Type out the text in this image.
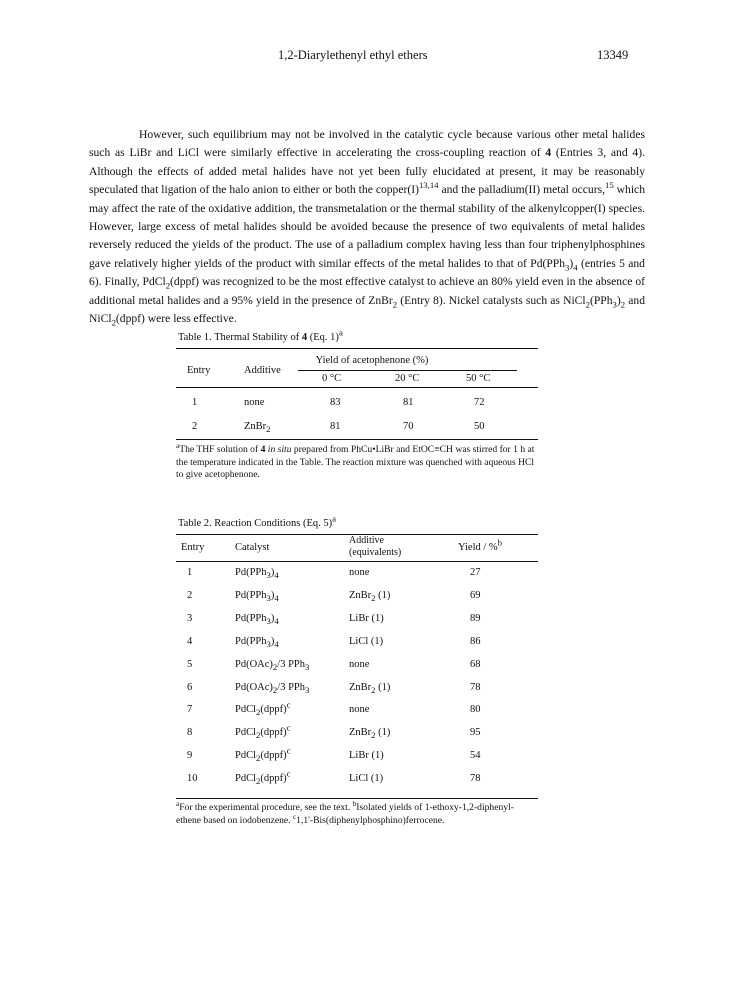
1,2-Diarylethenyl ethyl ethers	13349

However, such equilibrium may not be involved in the catalytic cycle because various other metal halides such as LiBr and LiCl were similarly effective in accelerating the cross-coupling reaction of 4 (Entries 3, and 4). Although the effects of added metal halides have not yet been fully elucidated at present, it may be reasonably speculated that ligation of the halo anion to either or both the $copper(I)^{13,14}$ and the palladium(II) metal occurs,$^{15}$ which may affect the rate of the oxidative addition, the transmetalation or the thermal stability of the alkenylcopper(I) species. However, large excess of metal halides should be avoided because the presence of two equivalents of metal halides reversely reduced the yields of the product. The use of a palladium complex having less than four triphenylphosphines gave relatively higher yields of the product with similar effects of the metal halides to that of $Pd(PPh_3)_4$ (entries 5 and 6). Finally, PdCl$_2$(dppf) was recognized to be the most effective catalyst to achieve an 80% yield even in the absence of additional metal halides and a 95% yield in the presence of ZnBr$_2$ (Entry 8). Nickel catalysts such as $NiCl_2(PPh_3)_2$ and NiCl$_2$(dppf) were less effective.

Table 1. Thermal Stability of 4 (Eq. 1)$^a$
Yield of acetophenone (%)
Entry	Additive
0 °C	20 °C	50 °C
1	none	83	81	72
2	ZnBr$_2$	81	70	50

$^a$The THF solution of 4 in situ prepared from PhCu•LiBr and EtOC≡CH was stirred for 1 h at the temperature indicated in the Table. The reaction mixture was quenched with aqueous HCl to give acetophenone.

Table 2. Reaction Conditions (Eq. 5)$^a$
Entry	Catalyst
Additive
(equivalents)	Yield / %$^b$
1	$Pd(PPh_3)_4$	none	27
2	$Pd(PPh_3)_4$	ZnBr$_2$ (1)	69
3	$Pd(PPh_3)_4$	LiBr (1)	89
4	$Pd(PPh_3)_4$	LiCl (1)	86
5	$Pd(OAc)_2/3$ PPh$_3$	none	68
6	$Pd(OAc)_2/3$ PPh$_3$	ZnBr$_2$ (1)	78
7	PdCl$_2$(dppf)$^c$	none	80
8	PdCl$_2$(dppf)$^c$	ZnBr$_2$ (1)	95
9	PdCl$_2$(dppf)$^c$	LiBr (1)	54
10	PdCl$_2$(dppf)$^c$	LiCl (1)	78

$^a$For the experimental procedure, see the text. $^b$Isolated yields of 1-ethoxy-1,2-diphenyl-ethene based on iodobenzene. $^c$1,1'-Bis(diphenylphosphino)ferrocene.
